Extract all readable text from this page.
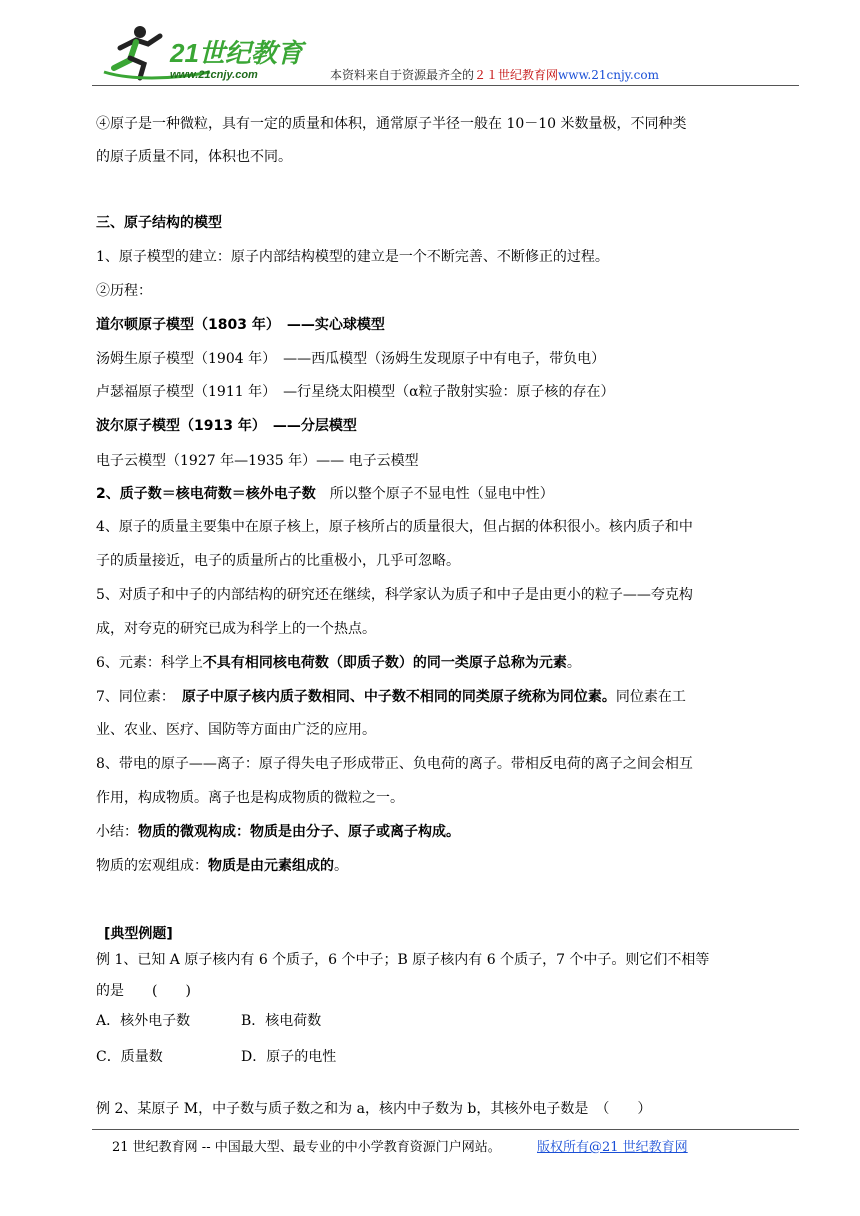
21世纪教育
www.21cnjy.com	本资料来自于资源最齐全的２１世纪教育网www.21cnjy.com
④原子是一种微粒，具有一定的质量和体积，通常原子半径一般在 10－10 米数量极，不同种类
的原子质量不同，体积也不同。
三、原子结构的模型
1、原子模型的建立：原子内部结构模型的建立是一个不断完善、不断修正的过程。
②历程：
道尔顿原子模型（1803 年）　——实心球模型
汤姆生原子模型（1904 年）　——西瓜模型（汤姆生发现原子中有电子，带负电）
卢瑟福原子模型（1911 年）　—行星绕太阳模型（α粒子散射实验：原子核的存在）
波尔原子模型（1913 年）　——分层模型
电子云模型（1927 年—1935 年）—— 电子云模型
2、质子数＝核电荷数＝核外电子数　所以整个原子不显电性（显电中性）
4、原子的质量主要集中在原子核上，原子核所占的质量很大，但占据的体积很小。核内质子和中
子的质量接近，电子的质量所占的比重极小，几乎可忽略。
5、对质子和中子的内部结构的研究还在继续，科学家认为质子和中子是由更小的粒子——夸克构
成，对夸克的研究已成为科学上的一个热点。
6、元素：科学上不具有相同核电荷数（即质子数）的同一类原子总称为元素。
7、同位素：　原子中原子核内质子数相同、中子数不相同的同类原子统称为同位素。同位素在工
业、农业、医疗、国防等方面由广泛的应用。
8、带电的原子——离子：原子得失电子形成带正、负电荷的离子。带相反电荷的离子之间会相互
作用，构成物质。离子也是构成物质的微粒之一。
小结：物质的微观构成：物质是由分子、原子或离子构成。
物质的宏观组成：物质是由元素组成的。
[典型例题]
例 1、已知 A 原子核内有 6 个质子，6 个中子；B 原子核内有 6 个质子，7 个中子。则它们不相等
的是　　(　　)
A．核外电子数	B．核电荷数
C．质量数	D．原子的电性
例 2、某原子 M，中子数与质子数之和为 a，核内中子数为 b，其核外电子数是　（　　）
21 世纪教育网 -- 中国最大型、最专业的中小学教育资源门户网站。	版权所有@21 世纪教育网
